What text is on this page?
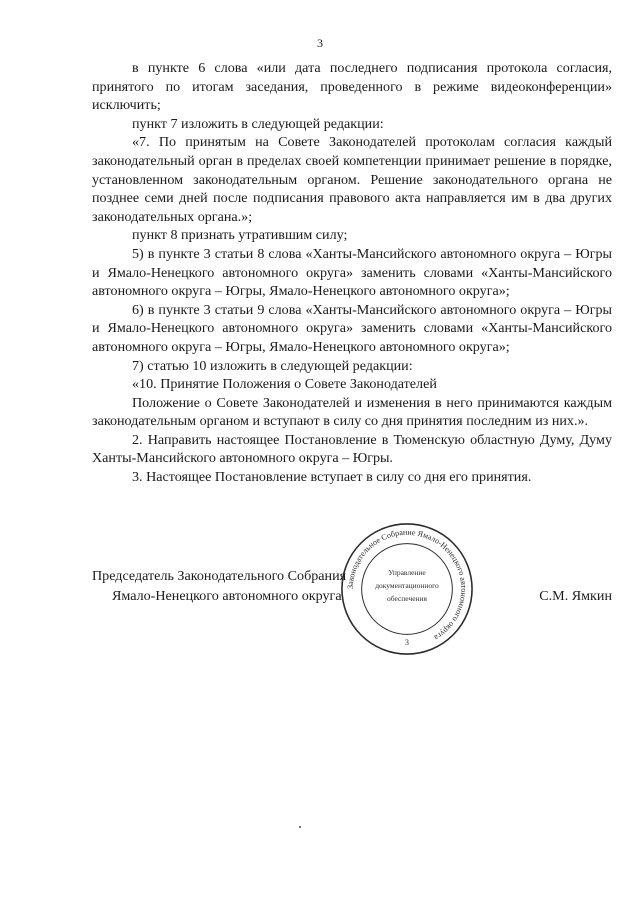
3

в пункте 6 слова «или дата последнего подписания протокола согласия, принятого по итогам заседания, проведенного в режиме видеоконференции» исключить;

пункт 7 изложить в следующей редакции:

«7. По принятым на Совете Законодателей протоколам согласия каждый законодательный орган в пределах своей компетенции принимает решение в порядке, установленном законодательным органом. Решение законодательного органа не позднее семи дней после подписания правового акта направляется им в два других законодательных органа.»;

пункт 8 признать утратившим силу;

5) в пункте 3 статьи 8 слова «Ханты-Мансийского автономного округа – Югры и Ямало-Ненецкого автономного округа» заменить словами «Ханты-Мансийского автономного округа – Югры, Ямало-Ненецкого автономного округа»;

6) в пункте 3 статьи 9 слова «Ханты-Мансийского автономного округа – Югры и Ямало-Ненецкого автономного округа» заменить словами «Ханты-Мансийского автономного округа – Югры, Ямало-Ненецкого автономного округа»;

7) статью 10 изложить в следующей редакции:

«10. Принятие Положения о Совете Законодателей

Положение о Совете Законодателей и изменения в него принимаются каждым законодательным органом и вступают в силу со дня принятия последним из них.».

2. Направить настоящее Постановление в Тюменскую областную Думу, Думу Ханты-Мансийского автономного округа – Югры.

3. Настоящее Постановление вступает в силу со дня его принятия.

Председатель Законодательного Собрания
Ямало-Ненецкого автономного округа	С.М. Ямкин
Законодательное Собрание Ямало-Ненецкого автономного округа
Управление
документационного
обеспечения
3
